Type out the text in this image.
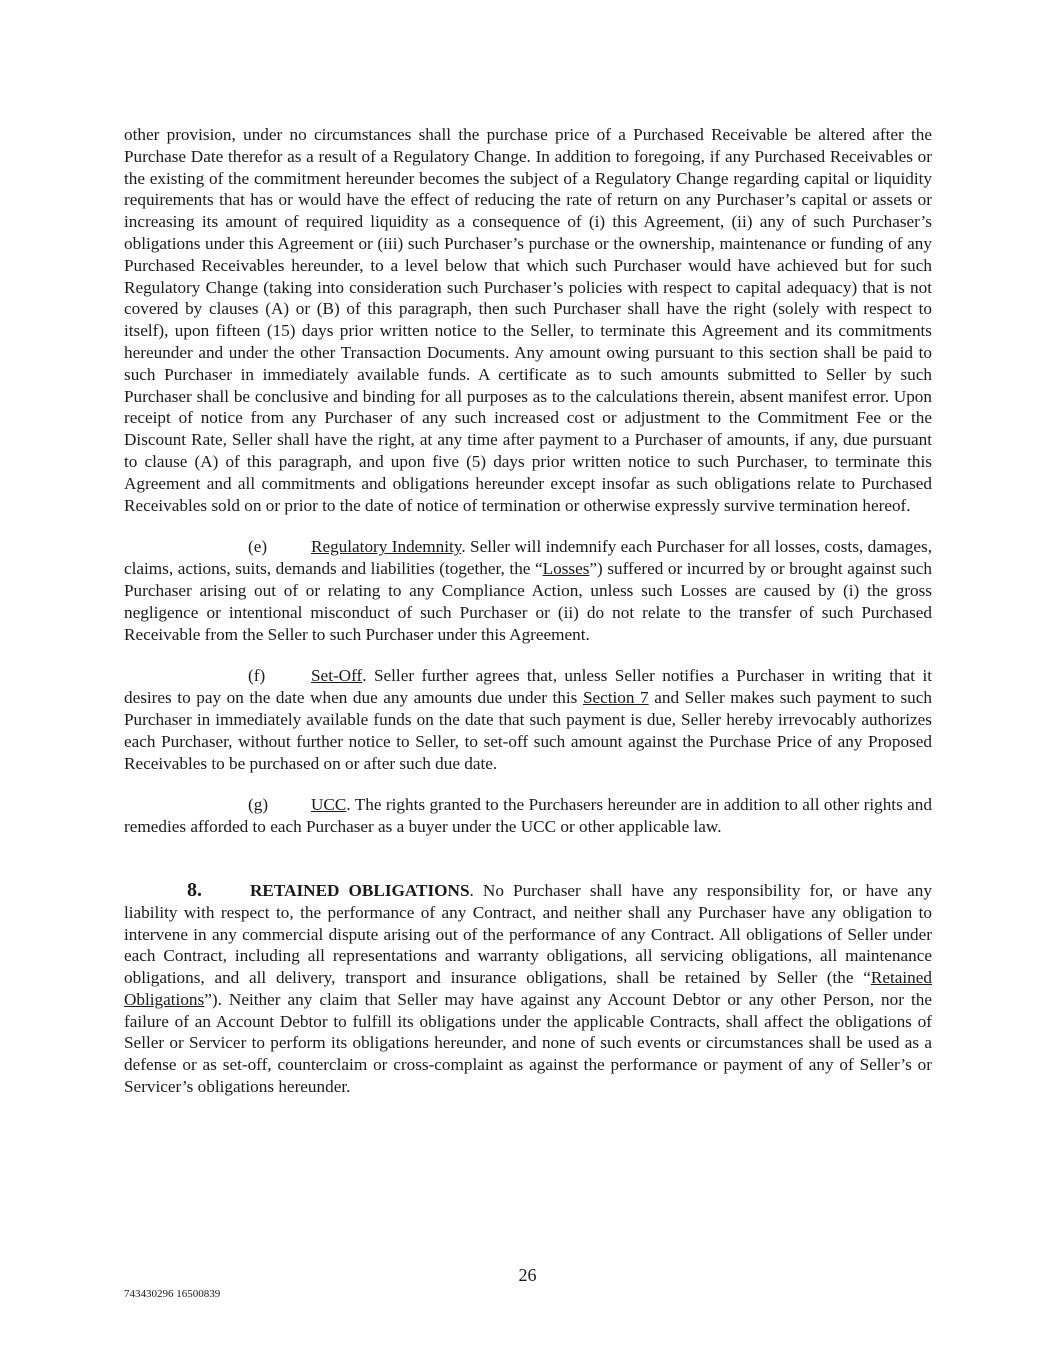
other provision, under no circumstances shall the purchase price of a Purchased Receivable be altered after the Purchase Date therefor as a result of a Regulatory Change. In addition to foregoing, if any Purchased Receivables or the existing of the commitment hereunder becomes the subject of a Regulatory Change regarding capital or liquidity requirements that has or would have the effect of reducing the rate of return on any Purchaser’s capital or assets or increasing its amount of required liquidity as a consequence of (i) this Agreement, (ii) any of such Purchaser’s obligations under this Agreement or (iii) such Purchaser’s purchase or the ownership, maintenance or funding of any Purchased Receivables hereunder, to a level below that which such Purchaser would have achieved but for such Regulatory Change (taking into consideration such Purchaser’s policies with respect to capital adequacy) that is not covered by clauses (A) or (B) of this paragraph, then such Purchaser shall have the right (solely with respect to itself), upon fifteen (15) days prior written notice to the Seller, to terminate this Agreement and its commitments hereunder and under the other Transaction Documents. Any amount owing pursuant to this section shall be paid to such Purchaser in immediately available funds. A certificate as to such amounts submitted to Seller by such Purchaser shall be conclusive and binding for all purposes as to the calculations therein, absent manifest error. Upon receipt of notice from any Purchaser of any such increased cost or adjustment to the Commitment Fee or the Discount Rate, Seller shall have the right, at any time after payment to a Purchaser of amounts, if any, due pursuant to clause (A) of this paragraph, and upon five (5) days prior written notice to such Purchaser, to terminate this Agreement and all commitments and obligations hereunder except insofar as such obligations relate to Purchased Receivables sold on or prior to the date of notice of termination or otherwise expressly survive termination hereof.

(e)	Regulatory Indemnity. Seller will indemnify each Purchaser for all losses, costs, damages, claims, actions, suits, demands and liabilities (together, the “Losses”) suffered or incurred by or brought against such Purchaser arising out of or relating to any Compliance Action, unless such Losses are caused by (i) the gross negligence or intentional misconduct of such Purchaser or (ii) do not relate to the transfer of such Purchased Receivable from the Seller to such Purchaser under this Agreement.

(f)	Set-Off. Seller further agrees that, unless Seller notifies a Purchaser in writing that it desires to pay on the date when due any amounts due under this Section 7 and Seller makes such payment to such Purchaser in immediately available funds on the date that such payment is due, Seller hereby irrevocably authorizes each Purchaser, without further notice to Seller, to set-off such amount against the Purchase Price of any Proposed Receivables to be purchased on or after such due date.

(g) UCC. The rights granted to the Purchasers hereunder are in addition to all other rights and remedies afforded to each Purchaser as a buyer under the UCC or other applicable law.

8.	RETAINED OBLIGATIONS. No Purchaser shall have any responsibility for, or have any liability with respect to, the performance of any Contract, and neither shall any Purchaser have any obligation to intervene in any commercial dispute arising out of the performance of any Contract. All obligations of Seller under each Contract, including all representations and warranty obligations, all servicing obligations, all maintenance obligations, and all delivery, transport and insurance obligations, shall be retained by Seller (the “Retained Obligations”). Neither any claim that Seller may have against any Account Debtor or any other Person, nor the failure of an Account Debtor to fulfill its obligations under the applicable Contracts, shall affect the obligations of Seller or Servicer to perform its obligations hereunder, and none of such events or circumstances shall be used as a defense or as set-off, counterclaim or cross-complaint as against the performance or payment of any of Seller’s or Servicer’s obligations hereunder.

26
743430296 16500839
